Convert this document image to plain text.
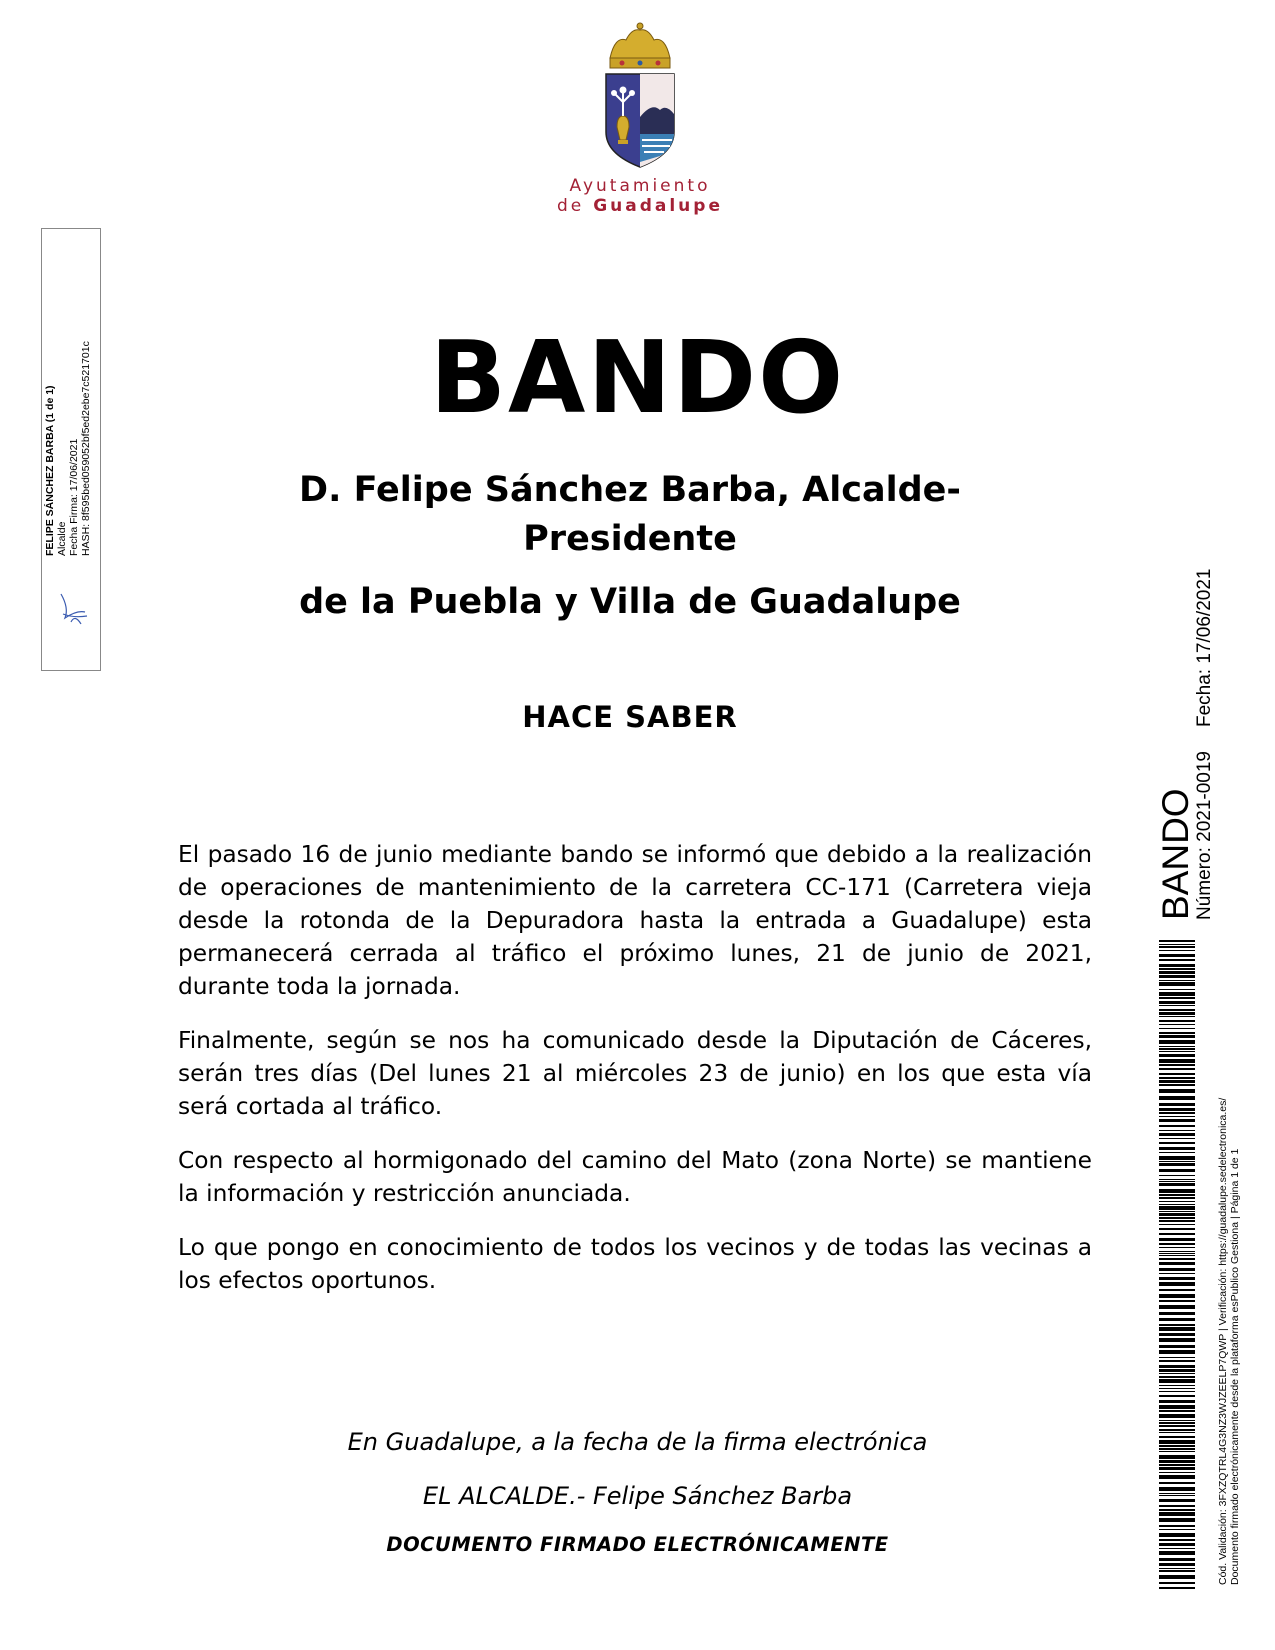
Ayutamiento
de Guadalupe
FELIPE SÁNCHEZ BARBA (1 de 1) Alcalde Fecha Firma: 17/06/2021 HASH: 8f595bed059052bf5ed2ebe7c521701c	BANDO
D. Felipe Sánchez Barba, Alcalde-
Presidente
de la Puebla y Villa de Guadalupe
HACE SABER

El pasado 16 de junio mediante bando se informó que debido a la realización de operaciones de mantenimiento de la carretera CC-171 (Carretera vieja desde la rotonda de la Depuradora hasta la entrada a Guadalupe) esta permanecerá cerrada al tráfico el próximo lunes, 21 de junio de 2021, durante toda la jornada.

Finalmente, según se nos ha comunicado desde la Diputación de Cáceres, serán tres días (Del lunes 21 al miércoles 23 de junio) en los que esta vía será cortada al tráfico.

Con respecto al hormigonado del camino del Mato (zona Norte) se mantiene la información y restricción anunciada.

Lo que pongo en conocimiento de todos los vecinos y de todas las vecinas a los efectos oportunos.

En Guadalupe, a la fecha de la firma electrónica
EL ALCALDE.- Felipe Sánchez Barba
DOCUMENTO FIRMADO ELECTRÓNICAMENTE
BANDO
Número: 2021-0019Fecha: 17/06/2021
Cód. Validación: 3FXZQTRL4G3NZ3WJZEELP7QWP | Verificación: https://guadalupe.sedelectronica.es/ Documento firmado electrónicamente desde la plataforma esPublico Gestiona | Página 1 de 1
